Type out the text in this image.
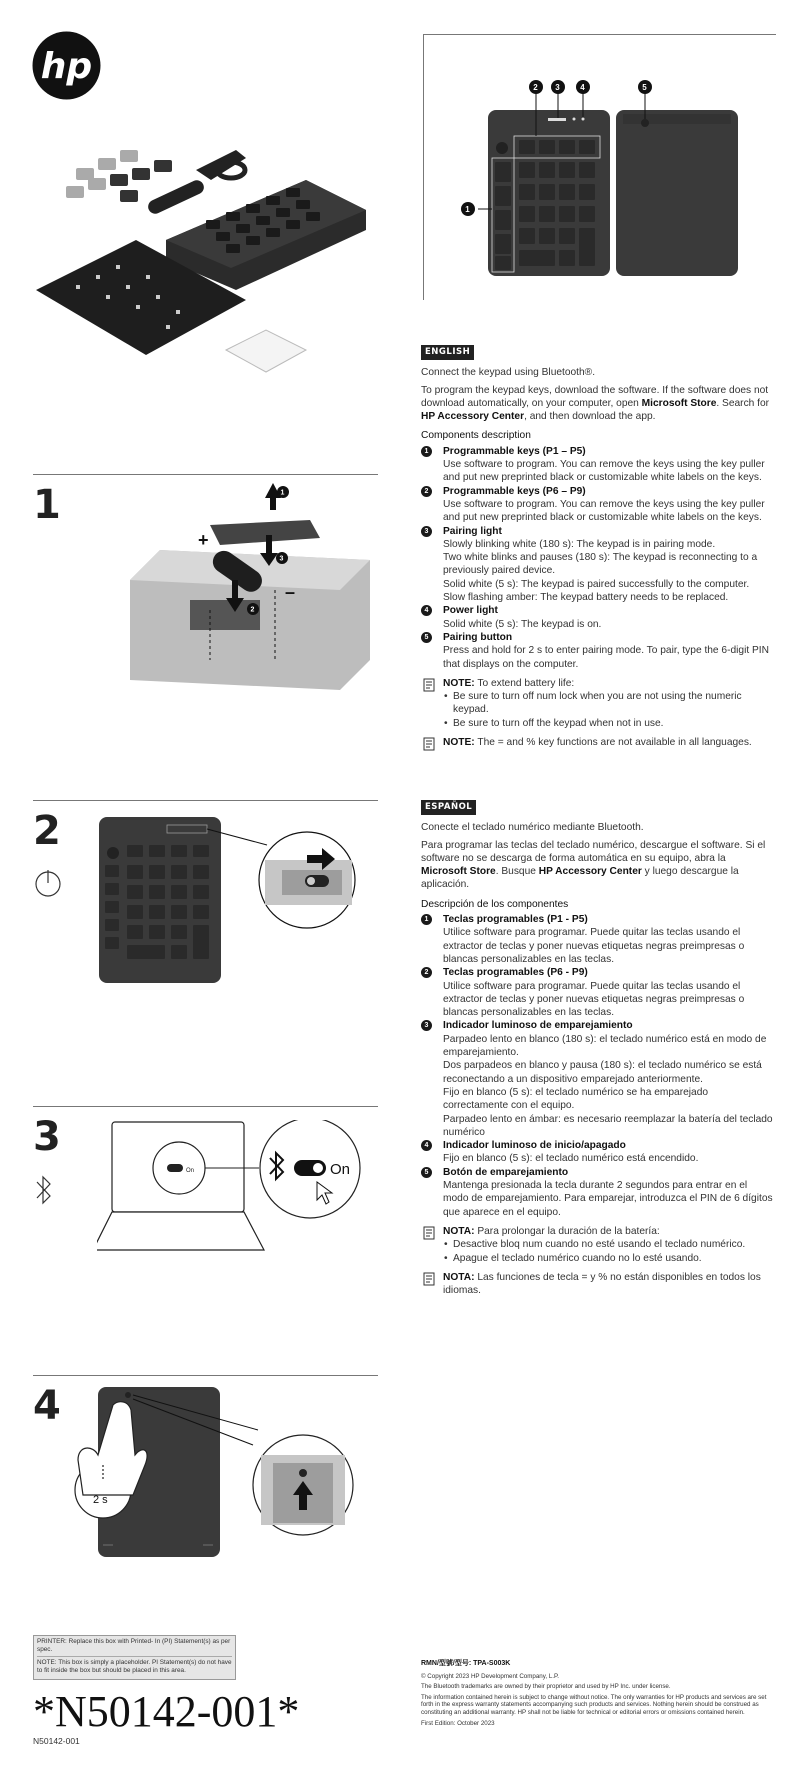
hp
1
+
–
1
2
3
2
3
On	On
4
2 s
PRINTER: Replace this box with Printed- In (PI) Statement(s) as per spec.
NOTE: This box is simply a placeholder. PI Statement(s) do not have to fit inside the box but should be placed in this area.
*N50142-001*
N50142-001
1
2 3	4	5
ENGLISH

Connect the keypad using Bluetooth®.

To program the keypad keys, download the software. If the software does not download automatically, on your computer, open Microsoft Store. Search for HP Accessory Center, and then download the app.

Components description
1	Programmable keys (P1 – P5)
Use software to program. You can remove the keys using the key puller and put new preprinted black or customizable white labels on the keys.
2	Programmable keys (P6 – P9)
Use software to program. You can remove the keys using the key puller and put new preprinted black or customizable white labels on the keys.
3	Pairing light
Slowly blinking white (180 s): The keypad is in pairing mode.
Two white blinks and pauses (180 s): The keypad is reconnecting to a previously paired device.
Solid white (5 s): The keypad is paired successfully to the computer.
Slow flashing amber: The keypad battery needs to be replaced.
4	Power light
Solid white (5 s): The keypad is on.
5	Pairing button
Press and hold for 2 s to enter pairing mode. To pair, type the 6-digit PIN that displays on the computer.
NOTE: To extend battery life:
• Be sure to turn off num lock when you are not using the numeric keypad.
• Be sure to turn off the keypad when not in use.
NOTE: The = and % key functions are not available in all languages.
ESPAÑOL

Conecte el teclado numérico mediante Bluetooth.

Para programar las teclas del teclado numérico, descargue el software. Si el software no se descarga de forma automática en su equipo, abra la Microsoft Store. Busque HP Accessory Center y luego descargue la aplicación.

Descripción de los componentes
1	Teclas programables (P1 - P5)
Utilice software para programar. Puede quitar las teclas usando el extractor de teclas y poner nuevas etiquetas negras preimpresas o blancas personalizables en las teclas.
2	Teclas programables (P6 - P9)
Utilice software para programar. Puede quitar las teclas usando el extractor de teclas y poner nuevas etiquetas negras preimpresas o blancas personalizables en las teclas.
3	Indicador luminoso de emparejamiento
Parpadeo lento en blanco (180 s): el teclado numérico está en modo de emparejamiento.
Dos parpadeos en blanco y pausa (180 s): el teclado numérico se está reconectando a un dispositivo emparejado anteriormente.
Fijo en blanco (5 s): el teclado numérico se ha emparejado correctamente con el equipo.
Parpadeo lento en ámbar: es necesario reemplazar la batería del teclado numérico
4	Indicador luminoso de inicio/apagado
Fijo en blanco (5 s): el teclado numérico está encendido.
5	Botón de emparejamiento
Mantenga presionada la tecla durante 2 segundos para entrar en el modo de emparejamiento. Para emparejar, introduzca el PIN de 6 dígitos que aparece en el equipo.
NOTA: Para prolongar la duración de la batería:
• Desactive bloq num cuando no esté usando el teclado numérico.
• Apague el teclado numérico cuando no lo esté usando.
NOTA: Las funciones de tecla = y % no están disponibles en todos los idiomas.

RMN/型號/型号: TPA-S003K

© Copyright 2023 HP Development Company, L.P.

The Bluetooth trademarks are owned by their proprietor and used by HP Inc. under license.

The information contained herein is subject to change without notice. The only warranties for HP products and services are set forth in the express warranty statements accompanying such products and services. Nothing herein should be construed as constituting an additional warranty. HP shall not be liable for technical or editorial errors or omissions contained herein.

First Edition: October 2023
